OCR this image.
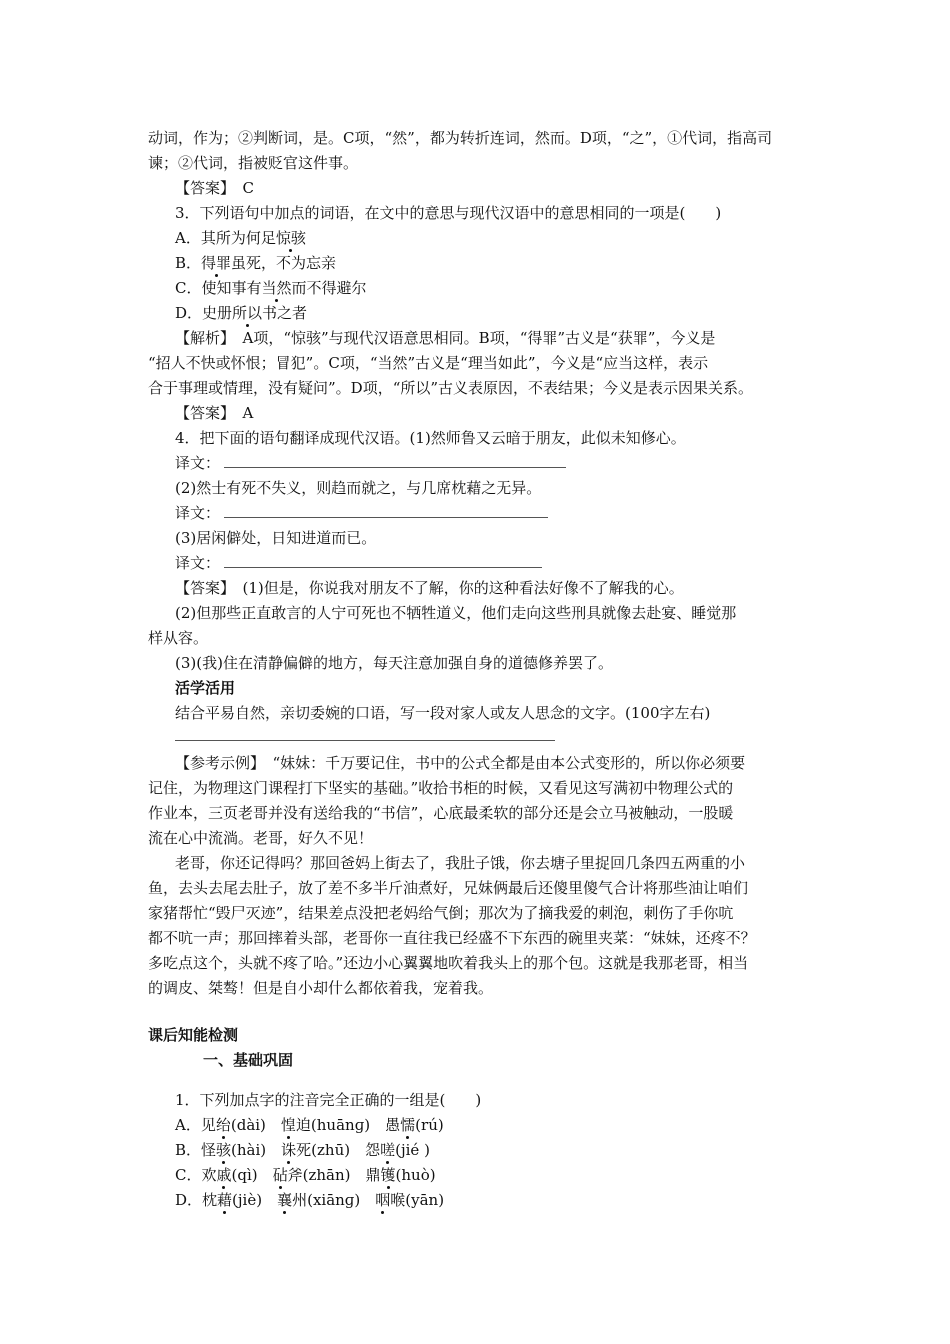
动词，作为；②判断词，是。C项，“然”，都为转折连词，然而。D项，“之”，①代词，指高司
谏；②代词，指被贬官这件事。
【答案】　C
3．下列语句中加点的词语，在文中的意思与现代汉语中的意思相同的一项是(　　)
A．其所为何足惊骇
B．得罪虽死，不为忘亲
C．使知事有当然而不得避尔
D．史册所以书之者
【解析】　A项，“惊骇”与现代汉语意思相同。B项，“得罪”古义是“获罪”，今义是
“招人不快或怀恨；冒犯”。C项，“当然”古义是“理当如此”，今义是“应当这样，表示
合于事理或情理，没有疑问”。D项，“所以”古义表原因，不表结果；今义是表示因果关系。
【答案】　A
4．把下面的语句翻译成现代汉语。(1)然师鲁又云暗于朋友，此似未知修心。
译文：
(2)然士有死不失义，则趋而就之，与几席枕藉之无异。
译文：
(3)居闲僻处，日知进道而已。
译文：
【答案】　(1)但是，你说我对朋友不了解，你的这种看法好像不了解我的心。
(2)但那些正直敢言的人宁可死也不牺牲道义，他们走向这些刑具就像去赴宴、睡觉那
样从容。
(3)(我)住在清静偏僻的地方，每天注意加强自身的道德修养罢了。
活学活用
结合平易自然，亲切委婉的口语，写一段对家人或友人思念的文字。(100字左右)
【参考示例】　“妹妹：千万要记住，书中的公式全都是由本公式变形的，所以你必须要
记住，为物理这门课程打下坚实的基础。”收拾书柜的时候，又看见这写满初中物理公式的
作业本，三页老哥并没有送给我的“书信”，心底最柔软的部分还是会立马被触动，一股暖
流在心中流淌。老哥，好久不见！
老哥，你还记得吗？那回爸妈上街去了，我肚子饿，你去塘子里捉回几条四五两重的小
鱼，去头去尾去肚子，放了差不多半斤油煮好，兄妹俩最后还傻里傻气合计将那些油让咱们
家猪帮忙“毁尸灭迹”，结果差点没把老妈给气倒；那次为了摘我爱的刺泡，刺伤了手你吭
都不吭一声；那回摔着头部，老哥你一直往我已经盛不下东西的碗里夹菜：“妹妹，还疼不？
多吃点这个，头就不疼了哈。”还边小心翼翼地吹着我头上的那个包。这就是我那老哥，相当
的调皮、桀骜！但是自小却什么都依着我，宠着我。
课后知能检测
一、基础巩固
1．下列加点字的注音完全正确的一组是(　　)
A．见绐(dài)　惶迫(huānɡ)　愚懦(rú)
B．怪骇(hài)　诛死(zhū)　怨嗟(jié )
C．欢戚(qì)　砧斧(zhān)　鼎镬(huò)
D．枕藉(jiè)　襄州(xiānɡ)　咽喉(yān)
